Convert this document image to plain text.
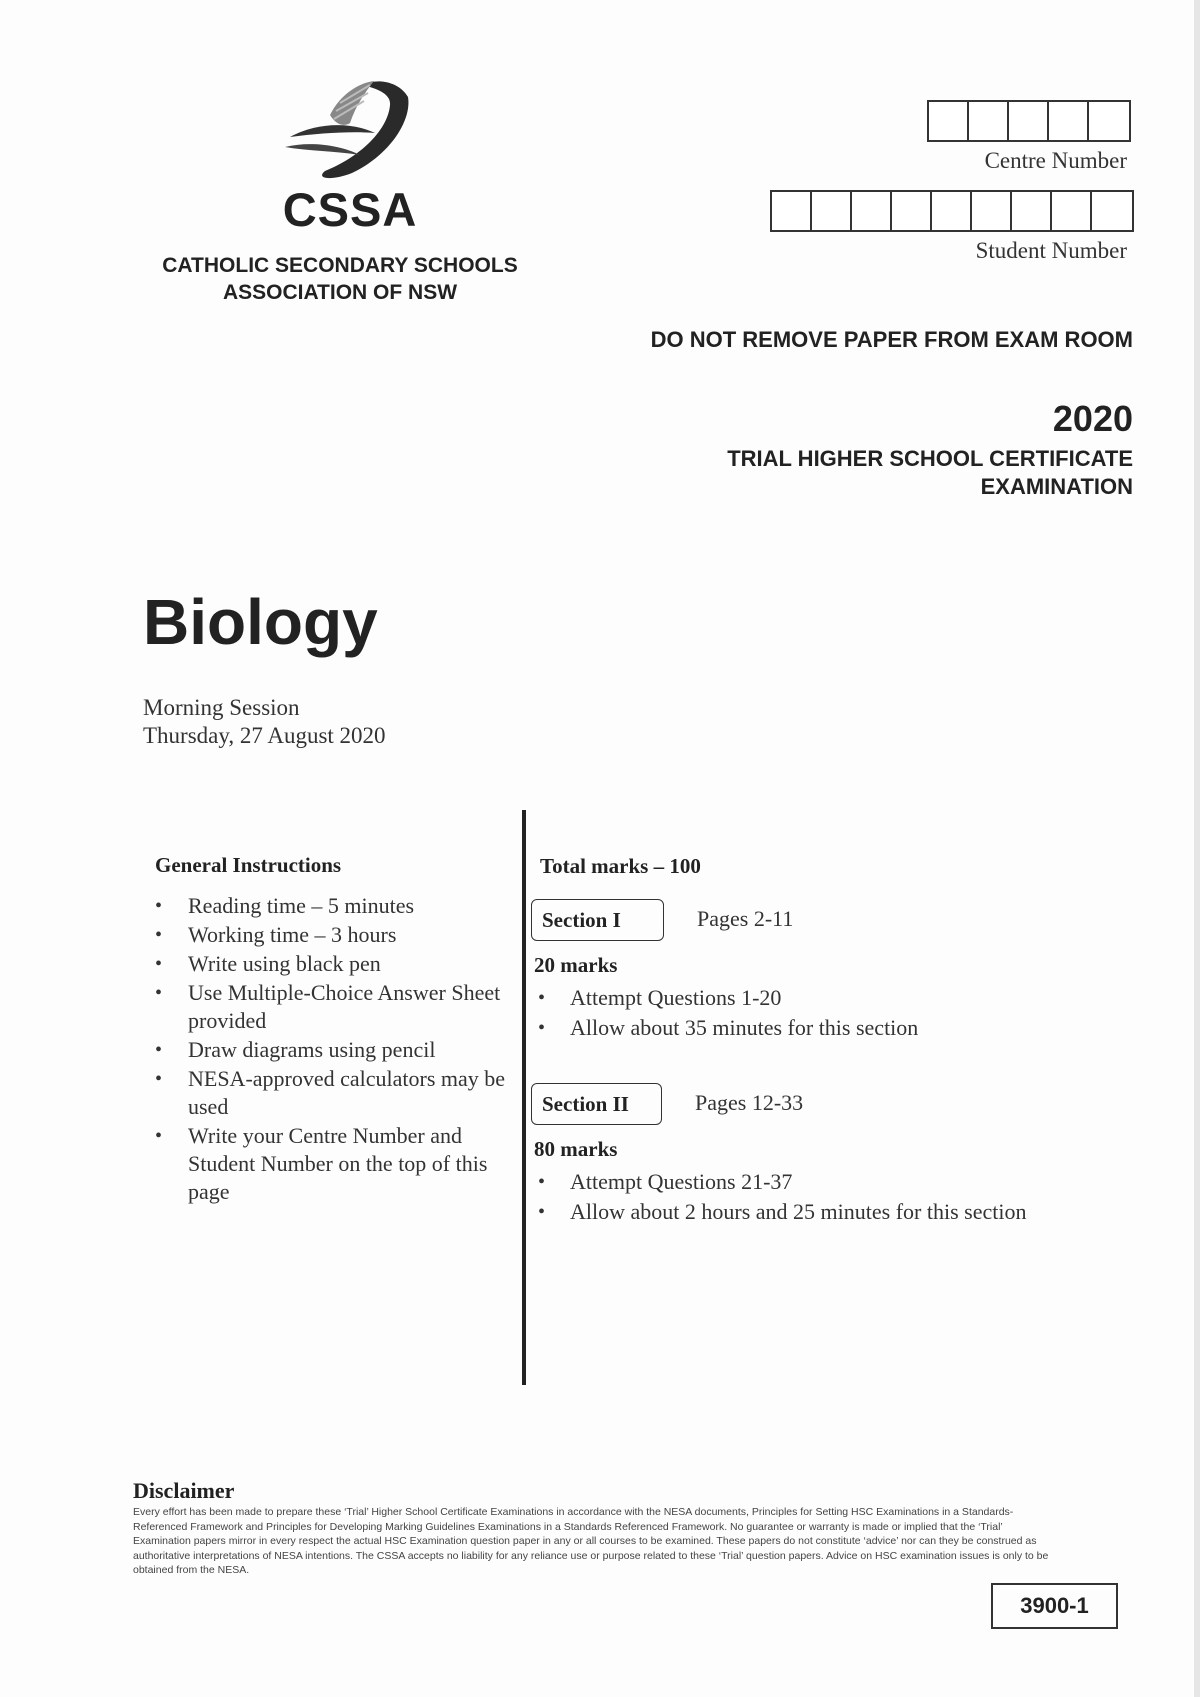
CSSA
CATHOLIC SECONDARY SCHOOLS
ASSOCIATION OF NSW
Centre Number
Student Number
DO NOT REMOVE PAPER FROM EXAM ROOM
2020
TRIAL HIGHER SCHOOL CERTIFICATE
EXAMINATION
Biology
Morning Session
Thursday, 27 August 2020
General Instructions
• Reading time – 5 minutes
• Working time – 3 hours
• Write using black pen
• Use Multiple-Choice Answer Sheet provided
• Draw diagrams using pencil
• NESA-approved calculators may be used
• Write your Centre Number and Student Number on the top of this page
Total marks – 100
Section I	Pages 2-11
20 marks
• Attempt Questions 1-20
• Allow about 35 minutes for this section
Section II	Pages 12-33
80 marks
• Attempt Questions 21-37
• Allow about 2 hours and 25 minutes for this section
Disclaimer
Every effort has been made to prepare these ‘Trial’ Higher School Certificate Examinations in accordance with the NESA documents, Principles for Setting HSC Examinations in a Standards-Referenced Framework and Principles for Developing Marking Guidelines Examinations in a Standards Referenced Framework. No guarantee or warranty is made or implied that the ‘Trial’ Examination papers mirror in every respect the actual HSC Examination question paper in any or all courses to be examined. These papers do not constitute ‘advice’ nor can they be construed as authoritative interpretations of NESA intentions. The CSSA accepts no liability for any reliance use or purpose related to these ‘Trial’ question papers. Advice on HSC examination issues is only to be obtained from the NESA.
3900-1
